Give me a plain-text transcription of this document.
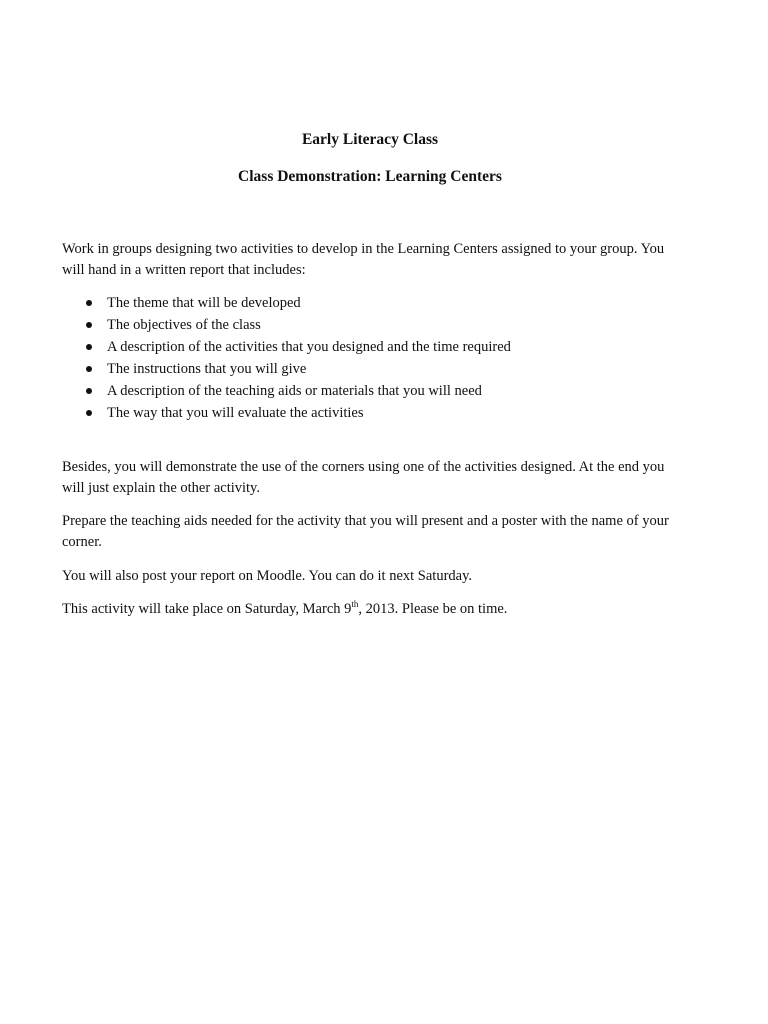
Early Literacy Class
Class Demonstration: Learning Centers

Work in groups designing two activities to develop in the Learning Centers assigned to your group. You will hand in a written report that includes:

The theme that will be developed
The objectives of the class
A description of the activities that you designed and the time required
The instructions that you will give
A description of the teaching aids or materials that you will need
The way that you will evaluate the activities

Besides, you will demonstrate the use of the corners using one of the activities designed. At the end you will just explain the other activity.

Prepare the teaching aids needed for the activity that you will present and a poster with the name of your corner.

You will also post your report on Moodle. You can do it next Saturday.

This activity will take place on Saturday, March 9th, 2013. Please be on time.
